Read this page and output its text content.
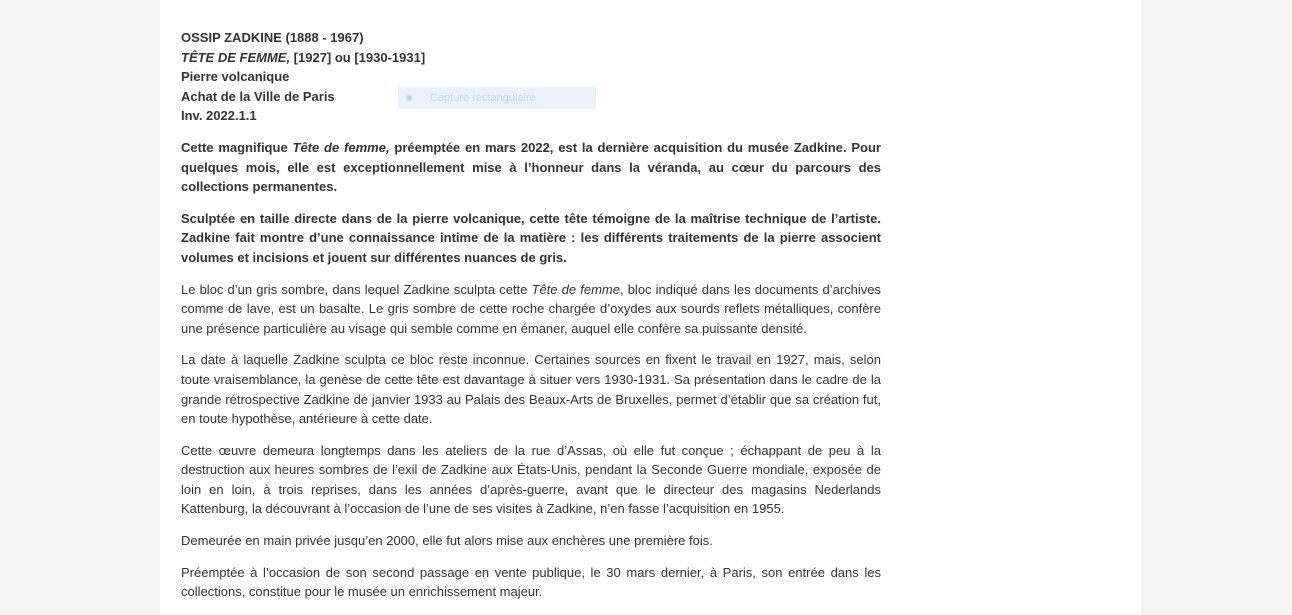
OSSIP ZADKINE (1888 - 1967)
TÊTE DE FEMME, [1927] ou [1930-1931]
Pierre volcanique
Achat de la Ville de Paris
Inv. 2022.1.1

Cette magnifique Tête de femme, préemptée en mars 2022, est la dernière acquisition du musée Zadkine. Pour quelques mois, elle est exceptionnellement mise à l’honneur dans la véranda, au cœur du parcours des collections permanentes.

Sculptée en taille directe dans de la pierre volcanique, cette tête témoigne de la maîtrise technique de l’artiste. Zadkine fait montre d’une connaissance intime de la matière : les différents traitements de la pierre associent volumes et incisions et jouent sur différentes nuances de gris.

Le bloc d’un gris sombre, dans lequel Zadkine sculpta cette Tête de femme, bloc indiqué dans les documents d’archives comme de lave, est un basalte. Le gris sombre de cette roche chargée d’oxydes aux sourds reflets métalliques, confère une présence particulière au visage qui semble comme en émaner, auquel elle confère sa puissante densité.

La date à laquelle Zadkine sculpta ce bloc reste inconnue. Certaines sources en fixent le travail en 1927, mais, selon toute vraisemblance, la genèse de cette tête est davantage à situer vers 1930-1931. Sa présentation dans le cadre de la grande rétrospective Zadkine de janvier 1933 au Palais des Beaux-Arts de Bruxelles, permet d’établir que sa création fut, en toute hypothèse, antérieure à cette date.

Cette œuvre demeura longtemps dans les ateliers de la rue d’Assas, où elle fut conçue ; échappant de peu à la destruction aux heures sombres de l’exil de Zadkine aux États-Unis, pendant la Seconde Guerre mondiale, exposée de loin en loin, à trois reprises, dans les années d’après-guerre, avant que le directeur des magasins Nederlands Kattenburg, la découvrant à l’occasion de l’une de ses visites à Zadkine, n’en fasse l’acquisition en 1955.

Demeurée en main privée jusqu’en 2000, elle fut alors mise aux enchères une première fois.

Préemptée à l’occasion de son second passage en vente publique, le 30 mars dernier, à Paris, son entrée dans les collections, constitue pour le musée un enrichissement majeur.

Capture rectangulaire
